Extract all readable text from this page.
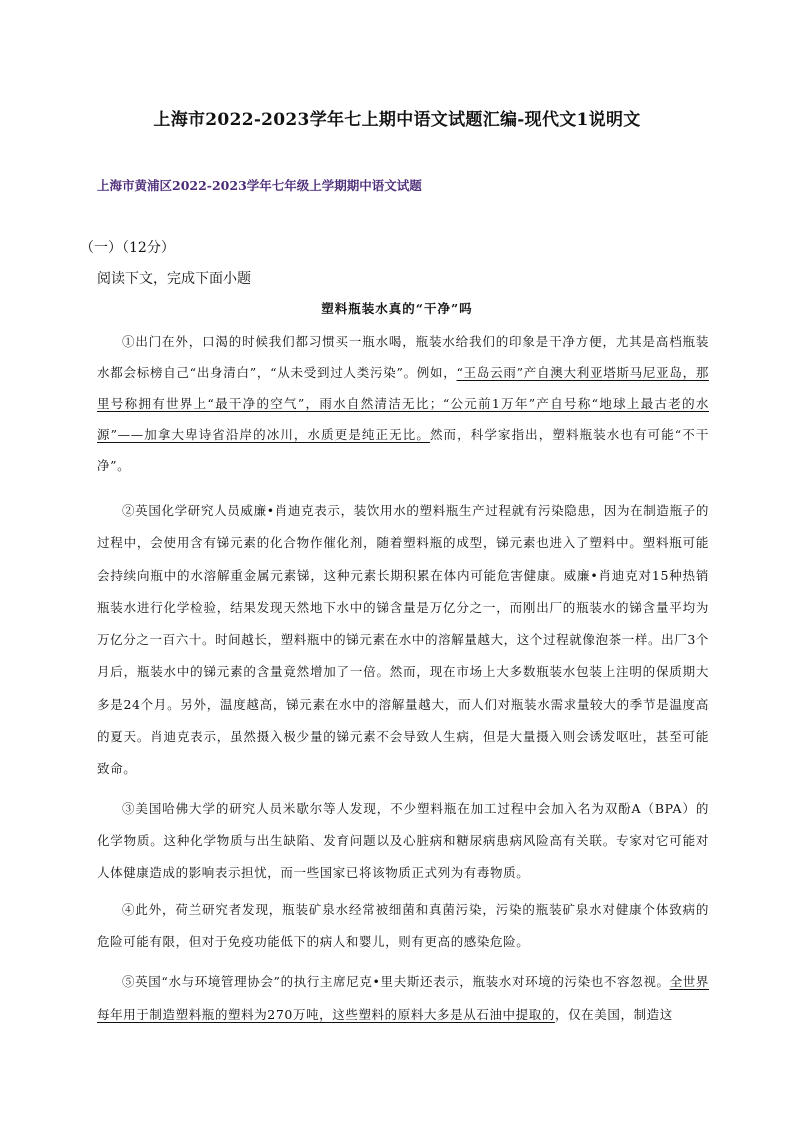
上海市2022-2023学年七上期中语文试题汇编-现代文1说明文
上海市黄浦区2022-2023学年七年级上学期期中语文试题
（一）（12分）
阅读下文，完成下面小题
塑料瓶装水真的“干净”吗

①出门在外，口渴的时候我们都习惯买一瓶水喝，瓶装水给我们的印象是干净方便，尤其是高档瓶装水都会标榜自己“出身清白”，“从未受到过人类污染”。例如，“王岛云雨”产自澳大利亚塔斯马尼亚岛，那里号称拥有世界上“最干净的空气”，雨水自然清洁无比；“公元前1万年”产自号称“地球上最古老的水源”——加拿大卑诗省沿岸的冰川，水质更是纯正无比。然而，科学家指出，塑料瓶装水也有可能“不干净”。

②英国化学研究人员威廉•肖迪克表示，装饮用水的塑料瓶生产过程就有污染隐患，因为在制造瓶子的过程中，会使用含有锑元素的化合物作催化剂，随着塑料瓶的成型，锑元素也进入了塑料中。塑料瓶可能会持续向瓶中的水溶解重金属元素锑，这种元素长期积累在体内可能危害健康。威廉•肖迪克对15种热销瓶装水进行化学检验，结果发现天然地下水中的锑含量是万亿分之一，而刚出厂的瓶装水的锑含量平均为万亿分之一百六十。时间越长，塑料瓶中的锑元素在水中的溶解量越大，这个过程就像泡茶一样。出厂3个月后，瓶装水中的锑元素的含量竟然增加了一倍。然而，现在市场上大多数瓶装水包装上注明的保质期大多是24个月。另外，温度越高，锑元素在水中的溶解量越大，而人们对瓶装水需求量较大的季节是温度高的夏天。肖迪克表示，虽然摄入极少量的锑元素不会导致人生病，但是大量摄入则会诱发呕吐，甚至可能致命。

③美国哈佛大学的研究人员米歇尔等人发现，不少塑料瓶在加工过程中会加入名为双酚A（BPA）的化学物质。这种化学物质与出生缺陷、发育问题以及心脏病和糖尿病患病风险高有关联。专家对它可能对人体健康造成的影响表示担忧，而一些国家已将该物质正式列为有毒物质。

④此外，荷兰研究者发现，瓶装矿泉水经常被细菌和真菌污染，污染的瓶装矿泉水对健康个体致病的危险可能有限，但对于免疫功能低下的病人和婴儿，则有更高的感染危险。

⑤英国“水与环境管理协会”的执行主席尼克•里夫斯还表示，瓶装水对环境的污染也不容忽视。全世界每年用于制造塑料瓶的塑料为270万吨，这些塑料的原料大多是从石油中提取的，仅在美国，制造这
